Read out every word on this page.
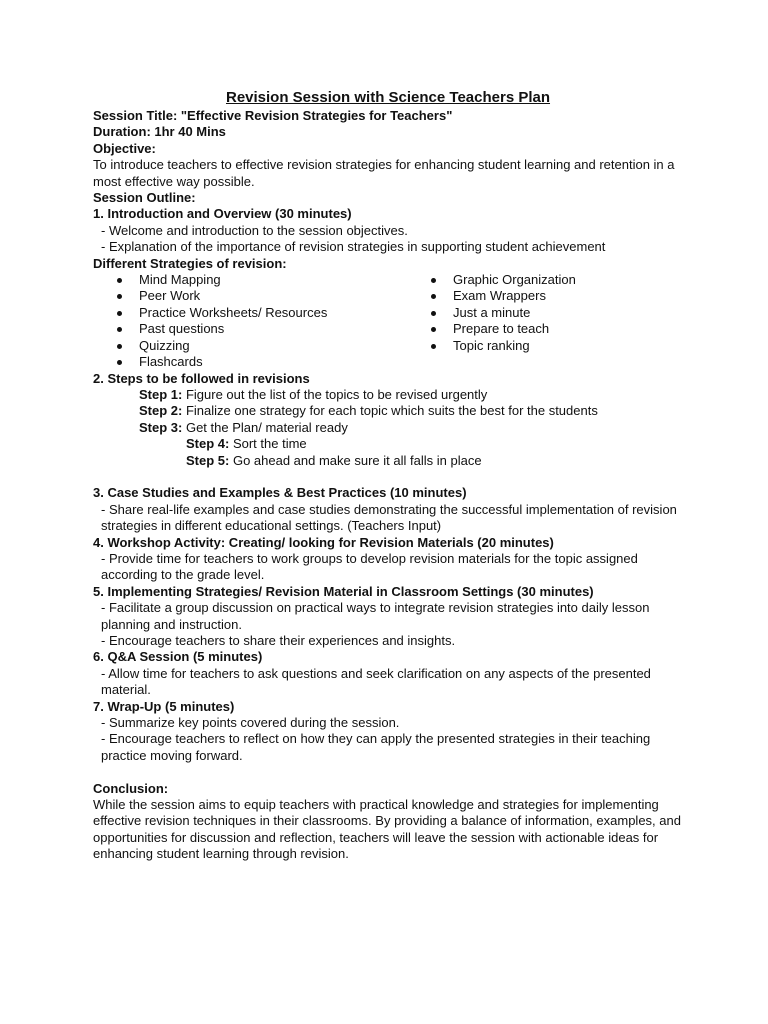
Revision Session with Science Teachers Plan

Session Title: "Effective Revision Strategies for Teachers"

Duration: 1hr 40 Mins

Objective:

To introduce teachers to effective revision strategies for enhancing student learning and retention in a most effective way possible.

Session Outline:

1. Introduction and Overview (30 minutes)

- Welcome and introduction to the session objectives.

- Explanation of the importance of revision strategies in supporting student achievement

Different Strategies of revision:

Mind Mapping
Peer Work
Practice Worksheets/ Resources
Past questions
Quizzing
Flashcards
Graphic Organization
Exam Wrappers
Just a minute
Prepare to teach
Topic ranking

2. Steps to be followed in revisions

Step 1: Figure out the list of the topics to be revised urgently

Step 2: Finalize one strategy for each topic which suits the best for the students

Step 3: Get the Plan/ material ready

Step 4: Sort the time

Step 5: Go ahead and make sure it all falls in place

3. Case Studies and Examples & Best Practices (10 minutes)

- Share real-life examples and case studies demonstrating the successful implementation of revision strategies in different educational settings. (Teachers Input)

4. Workshop Activity: Creating/ looking for Revision Materials (20 minutes)

- Provide time for teachers to work groups to develop revision materials for the topic assigned according to the grade level.

5. Implementing Strategies/ Revision Material in Classroom Settings (30 minutes)

- Facilitate a group discussion on practical ways to integrate revision strategies into daily lesson planning and instruction.

- Encourage teachers to share their experiences and insights.

6. Q&A Session (5 minutes)

- Allow time for teachers to ask questions and seek clarification on any aspects of the presented material.

7. Wrap-Up (5 minutes)

- Summarize key points covered during the session.

- Encourage teachers to reflect on how they can apply the presented strategies in their teaching practice moving forward.

Conclusion:

While the session aims to equip teachers with practical knowledge and strategies for implementing effective revision techniques in their classrooms. By providing a balance of information, examples, and opportunities for discussion and reflection, teachers will leave the session with actionable ideas for enhancing student learning through revision.
